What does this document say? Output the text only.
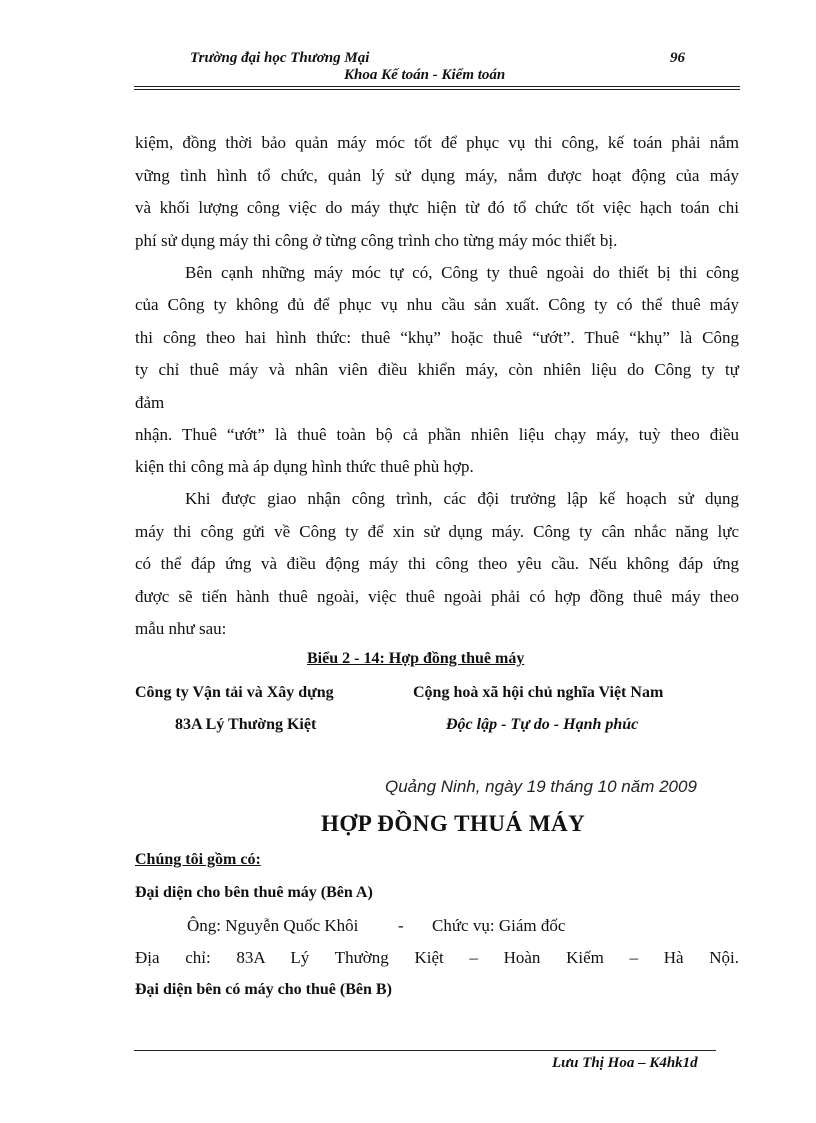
Trường đại học Thương Mại	96
Khoa Kế toán - Kiểm toán
kiệm, đồng thời bảo quản máy móc tốt để phục vụ thi công, kế toán phải nắm
vững tình hình tổ chức, quản lý sử dụng máy, nắm được hoạt động của máy
và khối lượng công việc do máy thực hiện từ đó tổ chức tốt việc hạch toán chi
phí sử dụng máy thi công ở từng công trình cho từng máy móc thiết bị.
Bên cạnh những máy móc tự có, Công ty thuê ngoài do thiết bị thi công
của Công ty không đủ để phục vụ nhu cầu sản xuất. Công ty có thể thuê máy
thi công theo hai hình thức: thuê “khụ” hoặc thuê “ướt”. Thuê “khụ” là Công
ty chỉ thuê máy và nhân viên điều khiển máy, còn nhiên liệu do Công ty tự
đảm
nhận. Thuê “ướt” là thuê toàn bộ cả phần nhiên liệu chạy máy, tuỳ theo điều
kiện thi công mà áp dụng hình thức thuê phù hợp.
Khi được giao nhận công trình, các đội trưởng lập kế hoạch sử dụng
máy thi công gửi về Công ty để xin sử dụng máy. Công ty cân nhắc năng lực
có thể đáp ứng và điều động máy thi công theo yêu cầu. Nếu không đáp ứng
được sẽ tiến hành thuê ngoài, việc thuê ngoài phải có hợp đồng thuê máy theo
mẫu như sau:
Biểu 2 - 14: Hợp đồng thuê máy
Công ty Vận tải và Xây dựng	Cộng hoà xã hội chủ nghĩa Việt Nam
83A Lý Thường Kiệt	Độc lập - Tự do - Hạnh phúc
Quảng Ninh, ngày 19 tháng 10 năm 2009
HỢP ĐỒNG THUÁ MÁY
Chúng tôi gồm có:
Đại diện cho bên thuê máy (Bên A)
Ông: Nguyễn Quốc Khôi - Chức vụ: Giám đốc
Địa chỉ: 83A Lý Thường Kiệt – Hoàn Kiếm – Hà Nội.
Đại diện bên có máy cho thuê (Bên B)
Lưu Thị Hoa – K4hk1d
